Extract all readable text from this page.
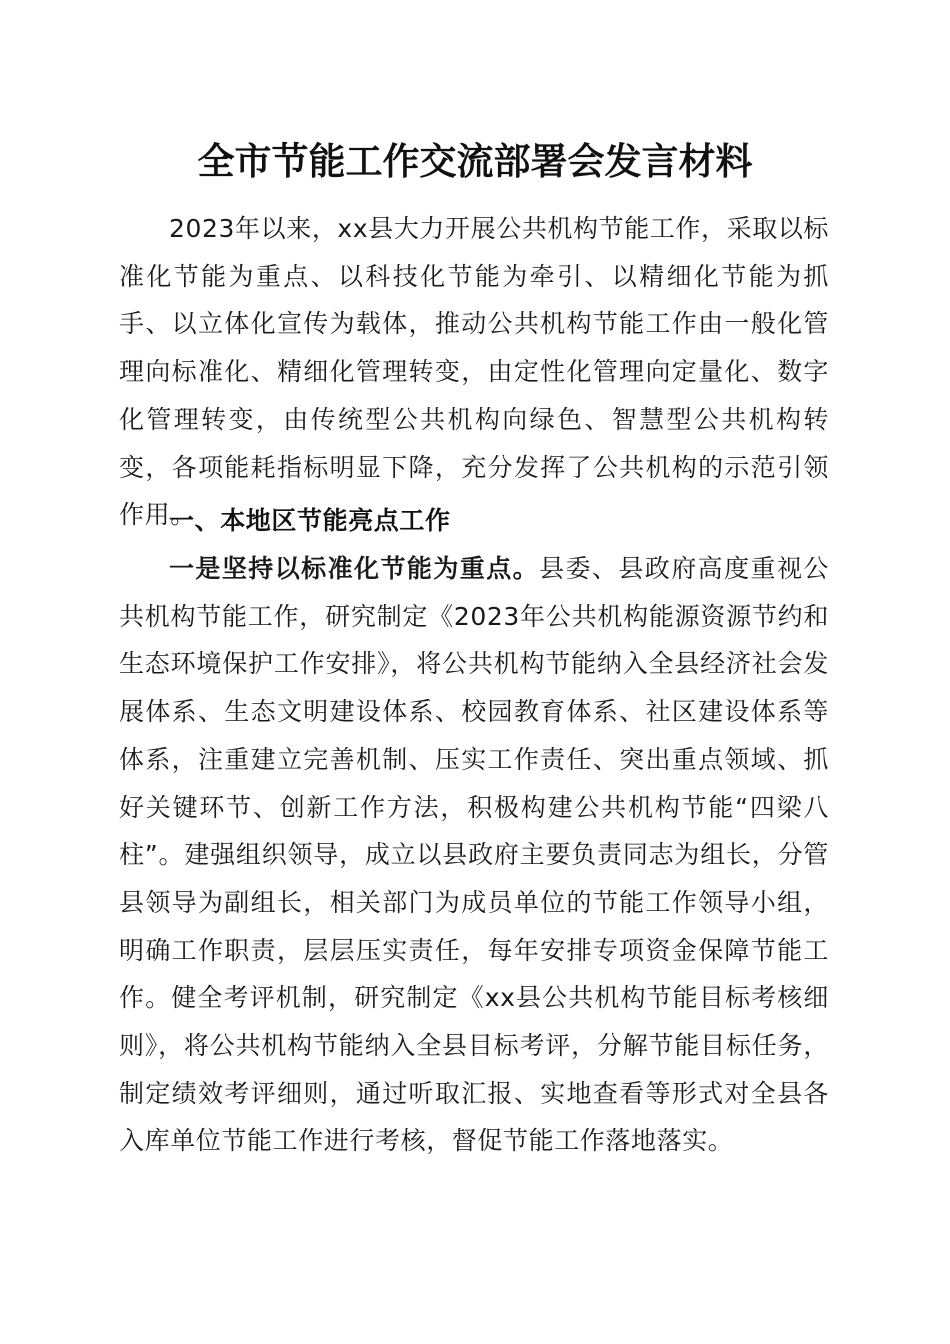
全市节能工作交流部署会发言材料

2023年以来，xx县大力开展公共机构节能工作，采取以标准化节能为重点、以科技化节能为牵引、以精细化节能为抓手、以立体化宣传为载体，推动公共机构节能工作由一般化管理向标准化、精细化管理转变，由定性化管理向定量化、数字化管理转变，由传统型公共机构向绿色、智慧型公共机构转变，各项能耗指标明显下降，充分发挥了公共机构的示范引领作用。

一、本地区节能亮点工作

一是坚持以标准化节能为重点。县委、县政府高度重视公共机构节能工作，研究制定《2023年公共机构能源资源节约和生态环境保护工作安排》，将公共机构节能纳入全县经济社会发展体系、生态文明建设体系、校园教育体系、社区建设体系等体系，注重建立完善机制、压实工作责任、突出重点领域、抓好关键环节、创新工作方法，积极构建公共机构节能“四梁八柱”。建强组织领导，成立以县政府主要负责同志为组长，分管县领导为副组长，相关部门为成员单位的节能工作领导小组，明确工作职责，层层压实责任，每年安排专项资金保障节能工作。健全考评机制，研究制定《xx县公共机构节能目标考核细则》，将公共机构节能纳入全县目标考评，分解节能目标任务，制定绩效考评细则，通过听取汇报、实地查看等形式对全县各入库单位节能工作进行考核，督促节能工作落地落实。
